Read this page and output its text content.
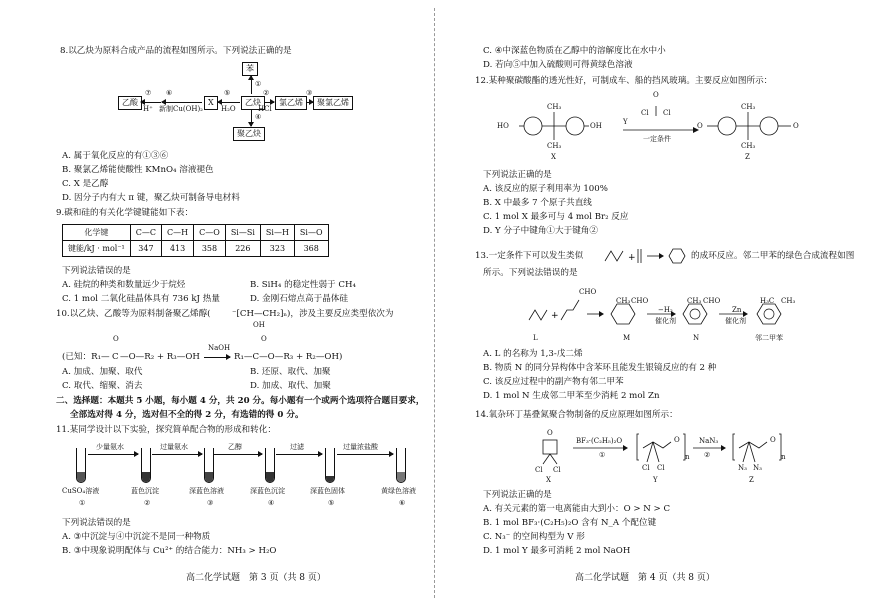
8.以乙炔为原料合成产品的流程如图所示。下列说法正确的是
乙酸
⑦
H⁺
⑥
新制Cu(OH)₂
X
⑤
H₂O
乙炔
②
HCl
氯乙烯
③
聚氯乙烯
苯
①
④
聚乙炔
A. 属于氧化反应的有①③⑥
B. 聚氯乙烯能使酸性 KMnO₄ 溶液褪色
C. X 是乙醇
D. 因分子内有大 π 键，聚乙炔可制备导电材料
9.碳和硅的有关化学键键能如下表：
化学键	C—C	C—H	C—O	Si—Si	Si—H	Si—O
键能/kJ · mol⁻¹	347	413	358	226	323	368
下列说法错误的是
A. 硅烷的种类和数量远少于烷烃	B. SiH₄ 的稳定性弱于 CH₄
C. 1 mol 二氧化硅晶体具有 736 kJ 热量	D. 金刚石熔点高于晶体硅
10.以乙炔、乙酸等为原料制备聚乙烯醇( ⁻[CH—CH₂]ₙ
OH
)，涉及主要反应类型依次为
O	O
(已知：R₁— C —O—R₂ + R₃—OH
NaOH
R₁—C—O—R₃ + R₂—OH)
A. 加成、加聚、取代	B. 还原、取代、加聚
C. 取代、缩聚、消去	D. 加成、取代、加聚
二、选择题：本题共 5 小题，每小题 4 分，共 20 分。每小题有一个或两个选项符合题目要求，
全部选对得 4 分，选对但不全的得 2 分，有选错的得 0 分。
11.某同学设计以下实验，探究简单配合物的形成和转化：
少量氨水	过量氨水	乙醇	过滤	过量浓盐酸
CuSO₄溶液	蓝色沉淀	深蓝色溶液	深蓝色沉淀	深蓝色固体	黄绿色溶液
①	②	③	④	⑤	⑥
下列说法错误的是
A. ③中沉淀与④中沉淀不是同一种物质
B. ③中现象说明配体与 Cu²⁺ 的结合能力：NH₃ > H₂O
高二化学试题　第 3 页（共 8 页）
C. ④中深蓝色物质在乙醇中的溶解度比在水中小
D. 若向⑤中加入硫酸则可得黄绿色溶液
12.某种聚碳酸酯的透光性好，可制成车、船的挡风玻璃。主要反应如图所示：
HO	OH
CH₃
CH₃
X
O
Cl Cl
Y
一定条件
CH₃
CH₃
Z
O	O
下列说法正确的是
A. 该反应的原子利用率为 100%
B. X 中最多 7 个原子共直线
C. 1 mol X 最多可与 4 mol Br₂ 反应
D. Y 分子中键角①大于键角②
13.一定条件下可以发生类似	+	的成环反应。邻二甲苯的绿色合成流程如图
所示。下列说法错误的是
+
CHO
CH₃ CHO	CH₃ CHO	H₃C CH₃
−H₂
催化剂
Zn
催化剂
L	M	N	邻二甲苯
A. L 的名称为 1,3-戊二烯
B. 物质 N 的同分异构体中含苯环且能发生银镜反应的有 2 种
C. 该反应过程中的副产物有邻二甲苯
D. 1 mol N 生成邻二甲苯至少消耗 2 mol Zn
14.氧杂环丁基叠氮聚合物制备的反应原理如图所示：
O
Cl Cl
X
BF₃·(C₂H₅)₂O
①
O
n
Cl Cl
Y
NaN₃
②
O
n
N₃ N₃
Z
下列说法正确的是
A. 有关元素的第一电离能由大到小：O > N > C
B. 1 mol BF₃·(C₂H₅)₂O 含有 N_A 个配位键
C. N₃⁻ 的空间构型为 V 形
D. 1 mol Y 最多可消耗 2 mol NaOH
高二化学试题　第 4 页（共 8 页）
